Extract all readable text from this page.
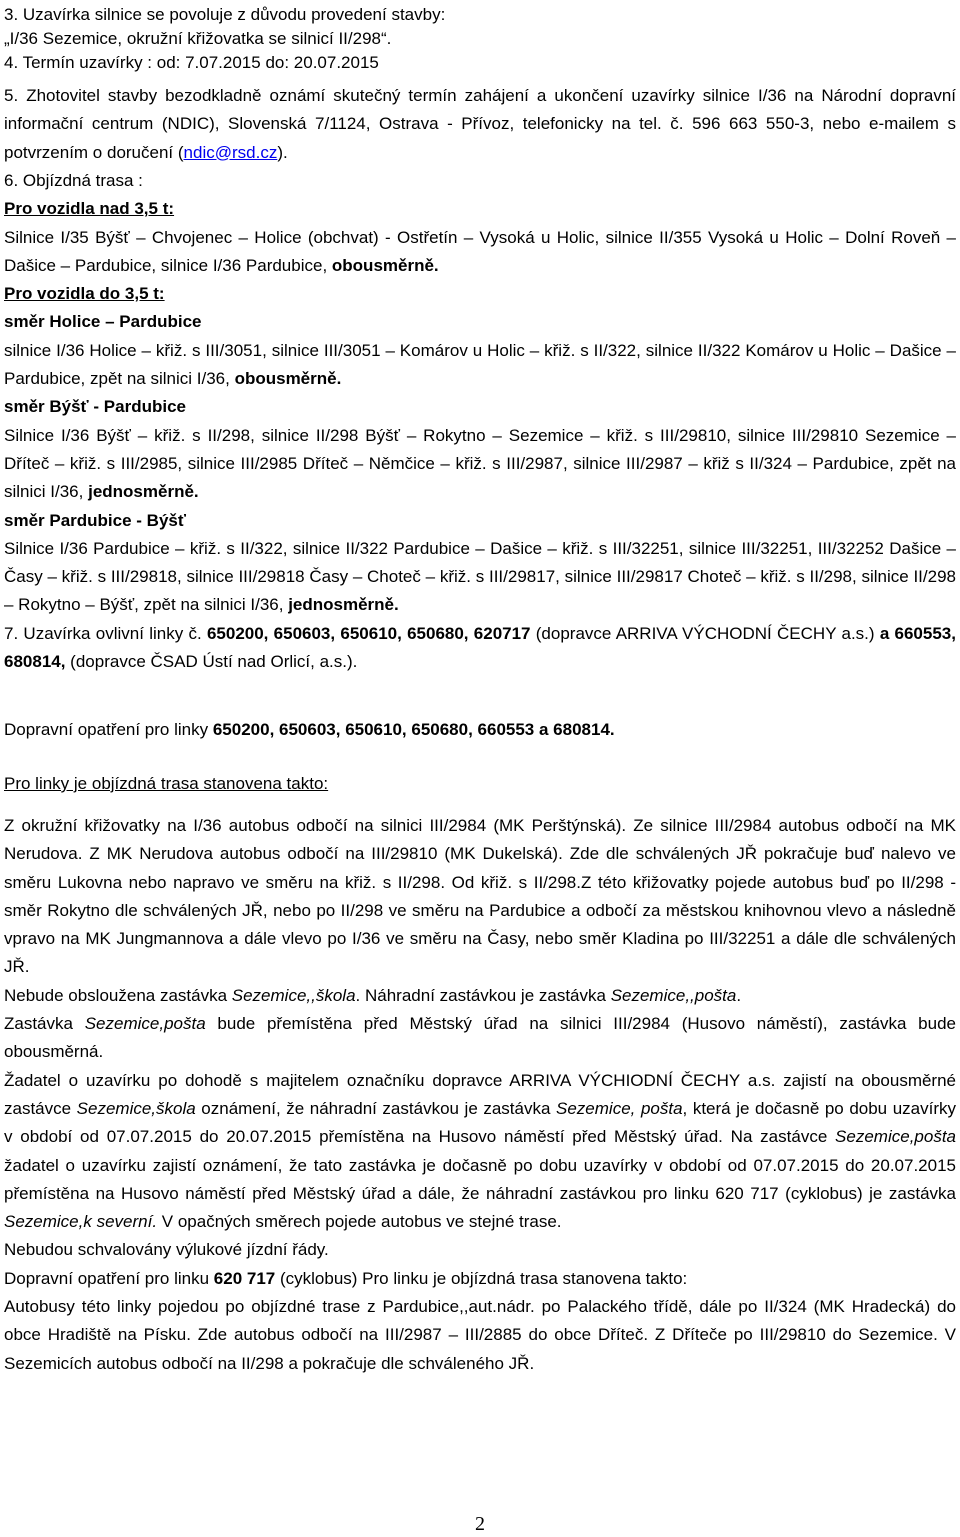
3. Uzavírka silnice se povoluje z důvodu provedení stavby:

„I/36 Sezemice, okružní křižovatka se silnicí II/298“.

4. Termín uzavírky : od: 7.07.2015 do: 20.07.2015

5. Zhotovitel stavby bezodkladně oznámí skutečný termín zahájení a ukončení uzavírky silnice I/36 na Národní dopravní informační centrum (NDIC), Slovenská 7/1124, Ostrava - Přívoz, telefonicky na tel. č. 596 663 550-3, nebo e-mailem s potvrzením o doručení (ndic@rsd.cz).

6. Objízdná trasa :

Pro vozidla nad 3,5 t:

Silnice I/35 Býšť – Chvojenec – Holice (obchvat) - Ostřetín – Vysoká u Holic, silnice II/355 Vysoká u Holic – Dolní Roveň – Dašice – Pardubice, silnice I/36 Pardubice, obousměrně.

Pro vozidla do 3,5 t:

směr Holice – Pardubice

silnice I/36 Holice – křiž. s III/3051, silnice III/3051 – Komárov u Holic – křiž. s II/322, silnice II/322 Komárov u Holic – Dašice – Pardubice, zpět na silnici I/36, obousměrně.

směr Býšť - Pardubice

Silnice I/36 Býšť – křiž. s II/298, silnice II/298 Býšť – Rokytno – Sezemice – křiž. s III/29810, silnice III/29810 Sezemice – Dříteč – křiž. s III/2985, silnice III/2985 Dříteč – Němčice – křiž. s III/2987, silnice III/2987 – křiž s II/324 – Pardubice, zpět na silnici I/36, jednosměrně.

směr Pardubice - Býšť

Silnice I/36 Pardubice – křiž. s II/322, silnice II/322 Pardubice – Dašice – křiž. s III/32251, silnice III/32251, III/32252 Dašice – Časy – křiž. s III/29818, silnice III/29818 Časy – Choteč – křiž. s III/29817, silnice III/29817 Choteč – křiž. s II/298, silnice II/298 – Rokytno – Býšť, zpět na silnici I/36, jednosměrně.

7. Uzavírka ovlivní linky č. 650200, 650603, 650610, 650680, 620717 (dopravce ARRIVA VÝCHODNÍ ČECHY a.s.) a 660553, 680814, (dopravce ČSAD Ústí nad Orlicí, a.s.).

Dopravní opatření pro linky 650200, 650603, 650610, 650680, 660553 a 680814.

Pro linky je objízdná trasa stanovena takto:

Z okružní křižovatky na I/36 autobus odbočí na silnici III/2984 (MK Perštýnská). Ze silnice III/2984 autobus odbočí na MK Nerudova. Z MK Nerudova autobus odbočí na III/29810 (MK Dukelská). Zde dle schválených JŘ pokračuje buď nalevo ve směru Lukovna nebo napravo ve směru na křiž. s II/298. Od křiž. s II/298.Z této křižovatky pojede autobus buď po II/298 - směr Rokytno dle schválených JŘ, nebo po II/298 ve směru na Pardubice a odbočí za městskou knihovnou vlevo a následně vpravo na MK Jungmannova a dále vlevo po I/36 ve směru na Časy, nebo směr Kladina po III/32251 a dále dle schválených JŘ.

Nebude obsloužena zastávka Sezemice,,škola. Náhradní zastávkou je zastávka Sezemice,,pošta.

Zastávka Sezemice,pošta bude přemístěna před Městský úřad na silnici III/2984 (Husovo náměstí), zastávka bude obousměrná.

Žadatel o uzavírku po dohodě s majitelem označníku dopravce ARRIVA VÝCHIODNÍ ČECHY a.s. zajistí na obousměrné zastávce Sezemice,škola oznámení, že náhradní zastávkou je zastávka Sezemice, pošta, která je dočasně po dobu uzavírky v období od 07.07.2015 do 20.07.2015 přemístěna na Husovo náměstí před Městský úřad. Na zastávce Sezemice,pošta žadatel o uzavírku zajistí oznámení, že tato zastávka je dočasně po dobu uzavírky v období od 07.07.2015 do 20.07.2015 přemístěna na Husovo náměstí před Městský úřad a dále, že náhradní zastávkou pro linku 620 717 (cyklobus) je zastávka Sezemice,k severní. V opačných směrech pojede autobus ve stejné trase.

Nebudou schvalovány výlukové jízdní řády.

Dopravní opatření pro linku 620 717 (cyklobus) Pro linku je objízdná trasa stanovena takto:

Autobusy této linky pojedou po objízdné trase z Pardubice,,aut.nádr. po Palackého třídě, dále po II/324 (MK Hradecká) do obce Hradiště na Písku. Zde autobus odbočí na III/2987 – III/2885 do obce Dříteč. Z Dříteče po III/29810 do Sezemice. V Sezemicích autobus odbočí na II/298 a pokračuje dle schváleného JŘ.

2
